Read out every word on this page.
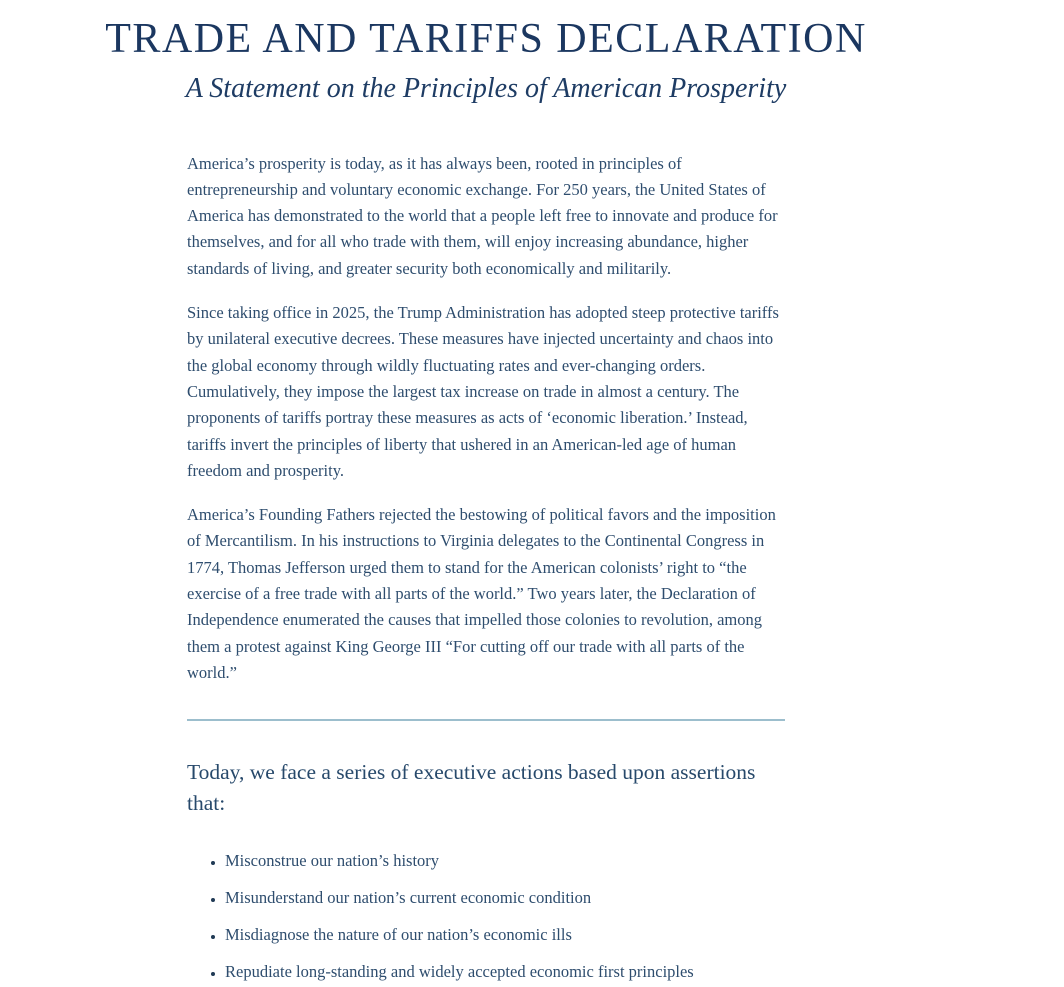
TRADE AND TARIFFS DECLARATION
A Statement on the Principles of American Prosperity

America’s prosperity is today, as it has always been, rooted in principles of entrepreneurship and voluntary economic exchange. For 250 years, the United States of America has demonstrated to the world that a people left free to innovate and produce for themselves, and for all who trade with them, will enjoy increasing abundance, higher standards of living, and greater security both economically and militarily.

Since taking office in 2025, the Trump Administration has adopted steep protective tariffs by unilateral executive decrees. These measures have injected uncertainty and chaos into the global economy through wildly fluctuating rates and ever-changing orders. Cumulatively, they impose the largest tax increase on trade in almost a century. The proponents of tariffs portray these measures as acts of ‘economic liberation.’ Instead, tariffs invert the principles of liberty that ushered in an American-led age of human freedom and prosperity.

America’s Founding Fathers rejected the bestowing of political favors and the imposition of Mercantilism. In his instructions to Virginia delegates to the Continental Congress in 1774, Thomas Jefferson urged them to stand for the American colonists’ right to “the exercise of a free trade with all parts of the world.” Two years later, the Declaration of Independence enumerated the causes that impelled those colonies to revolution, among them a protest against King George III “For cutting off our trade with all parts of the world.”

Today, we face a series of executive actions based upon assertions that:
• Misconstrue our nation’s history
• Misunderstand our nation’s current economic condition
• Misdiagnose the nature of our nation’s economic ills
• Repudiate long-standing and widely accepted economic first principles
